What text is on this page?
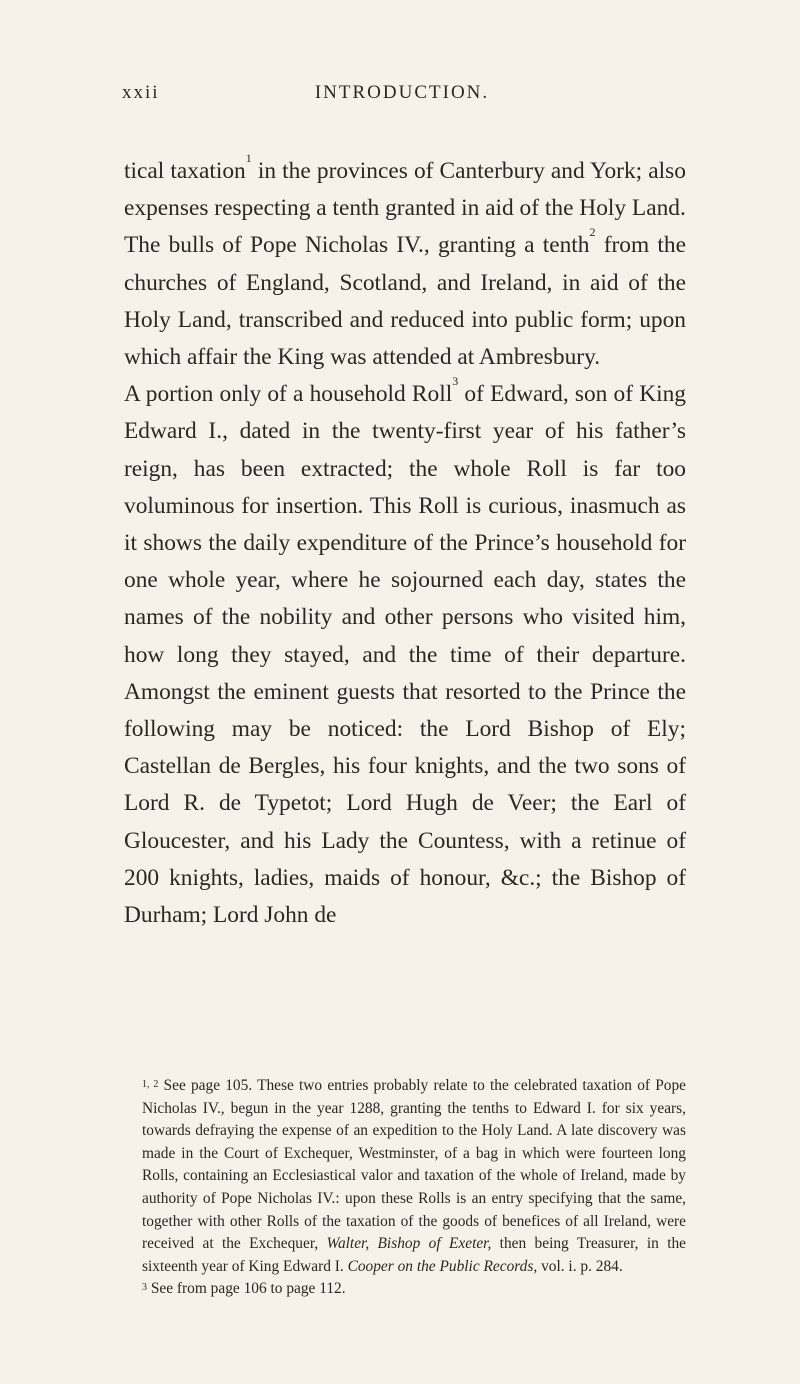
xxii	INTRODUCTION.

tical taxation$^1$ in the provinces of Canterbury and York; also expenses respecting a tenth granted in aid of the Holy Land.

The bulls of Pope Nicholas IV., granting a tenth$^2$ from the churches of England, Scotland, and Ireland, in aid of the Holy Land, transcribed and reduced into public form; upon which affair the King was attended at Ambresbury.

A portion only of a household Roll$^3$ of Edward, son of King Edward I., dated in the twenty-first year of his father’s reign, has been extracted; the whole Roll is far too voluminous for insertion. This Roll is curious, inasmuch as it shows the daily expenditure of the Prince’s household for one whole year, where he sojourned each day, states the names of the nobility and other persons who visited him, how long they stayed, and the time of their departure. Amongst the eminent guests that resorted to the Prince the following may be noticed: the Lord Bishop of Ely; Castellan de Bergles, his four knights, and the two sons of Lord R. de Typetot; Lord Hugh de Veer; the Earl of Gloucester, and his Lady the Countess, with a retinue of 200 knights, ladies, maids of honour, &c.; the Bishop of Durham; Lord John de

$^{1, 2}$ See page 105. These two entries probably relate to the celebrated taxation of Pope Nicholas IV., begun in the year 1288, granting the tenths to Edward I. for six years, towards defraying the expense of an expedition to the Holy Land. A late discovery was made in the Court of Exchequer, Westminster, of a bag in which were fourteen long Rolls, containing an Ecclesiastical valor and taxation of the whole of Ireland, made by authority of Pope Nicholas IV.: upon these Rolls is an entry specifying that the same, together with other Rolls of the taxation of the goods of benefices of all Ireland, were received at the Exchequer, Walter, Bishop of Exeter, then being Treasurer, in the sixteenth year of King Edward I. Cooper on the Public Records, vol. i. p. 284.

$^3$ See from page 106 to page 112.
